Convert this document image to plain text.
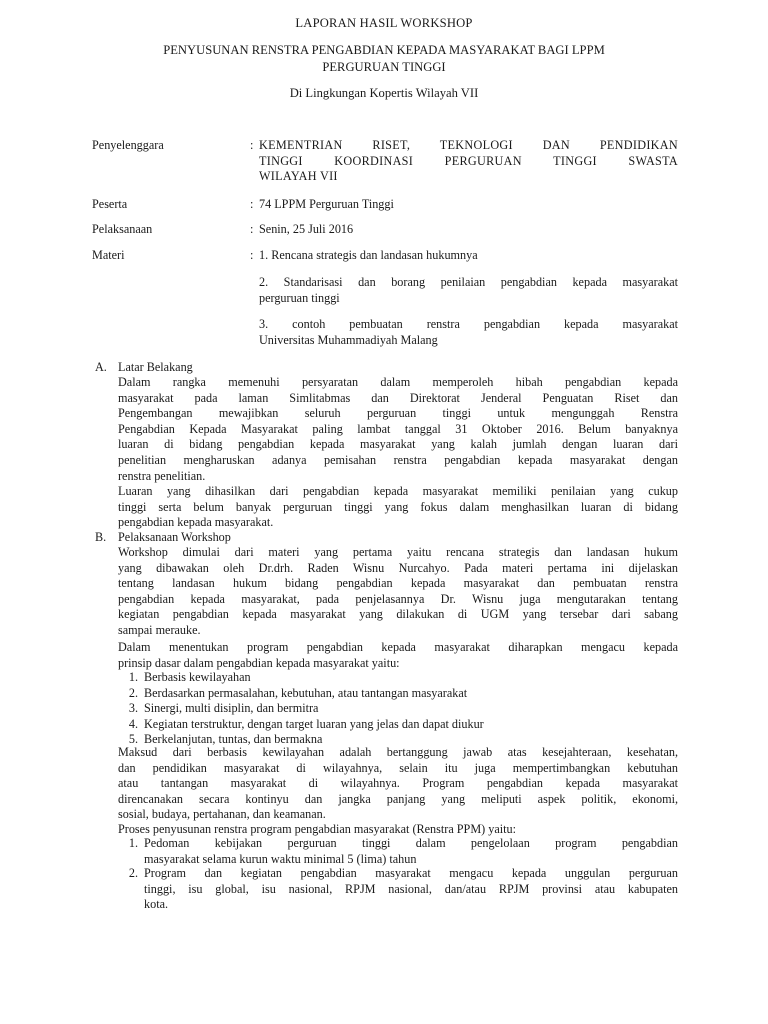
LAPORAN HASIL WORKSHOP
PENYUSUNAN RENSTRA PENGABDIAN KEPADA MASYARAKAT BAGI LPPM
PERGURUAN TINGGI
Di Lingkungan Kopertis Wilayah VII
Penyelenggara	: KEMENTRIAN RISET, TEKNOLOGI DAN PENDIDIKAN
TINGGI KOORDINASI PERGURUAN TINGGI SWASTA
WILAYAH VII
Peserta	: 74 LPPM Perguruan Tinggi
Pelaksanaan	: Senin, 25 Juli 2016
Materi	: 1. Rencana strategis dan landasan hukumnya
2. Standarisasi dan borang penilaian pengabdian kepada masyarakat
perguruan tinggi
3. contoh pembuatan renstra pengabdian kepada masyarakat
Universitas Muhammadiyah Malang
A. Latar Belakang
Dalam rangka memenuhi persyaratan dalam memperoleh hibah pengabdian kepada
masyarakat pada laman Simlitabmas dan Direktorat Jenderal Penguatan Riset dan
Pengembangan mewajibkan seluruh perguruan tinggi untuk mengunggah Renstra
Pengabdian Kepada Masyarakat paling lambat tanggal 31 Oktober 2016. Belum banyaknya
luaran di bidang pengabdian kepada masyarakat yang kalah jumlah dengan luaran dari
penelitian mengharuskan adanya pemisahan renstra pengabdian kepada masyarakat dengan
renstra penelitian.
Luaran yang dihasilkan dari pengabdian kepada masyarakat memiliki penilaian yang cukup
tinggi serta belum banyak perguruan tinggi yang fokus dalam menghasilkan luaran di bidang
pengabdian kepada masyarakat.
B. Pelaksanaan Workshop
Workshop dimulai dari materi yang pertama yaitu rencana strategis dan landasan hukum
yang dibawakan oleh Dr.drh. Raden Wisnu Nurcahyo. Pada materi pertama ini dijelaskan
tentang landasan hukum bidang pengabdian kepada masyarakat dan pembuatan renstra
pengabdian kepada masyarakat, pada penjelasannya Dr. Wisnu juga mengutarakan tentang
kegiatan pengabdian kepada masyarakat yang dilakukan di UGM yang tersebar dari sabang
sampai merauke.
Dalam menentukan program pengabdian kepada masyarakat diharapkan mengacu kepada
prinsip dasar dalam pengabdian kepada masyarakat yaitu:
1. Berbasis kewilayahan
2. Berdasarkan permasalahan, kebutuhan, atau tantangan masyarakat
3. Sinergi, multi disiplin, dan bermitra
4. Kegiatan terstruktur, dengan target luaran yang jelas dan dapat diukur
5. Berkelanjutan, tuntas, dan bermakna
Maksud dari berbasis kewilayahan adalah bertanggung jawab atas kesejahteraan, kesehatan,
dan pendidikan masyarakat di wilayahnya, selain itu juga mempertimbangkan kebutuhan
atau tantangan masyarakat di wilayahnya. Program pengabdian kepada masyarakat
direncanakan secara kontinyu dan jangka panjang yang meliputi aspek politik, ekonomi,
sosial, budaya, pertahanan, dan keamanan.
Proses penyusunan renstra program pengabdian masyarakat (Renstra PPM) yaitu:
1. Pedoman kebijakan perguruan tinggi dalam pengelolaan program pengabdian
masyarakat selama kurun waktu minimal 5 (lima) tahun
2. Program dan kegiatan pengabdian masyarakat mengacu kepada unggulan perguruan
tinggi, isu global, isu nasional, RPJM nasional, dan/atau RPJM provinsi atau kabupaten
kota.
